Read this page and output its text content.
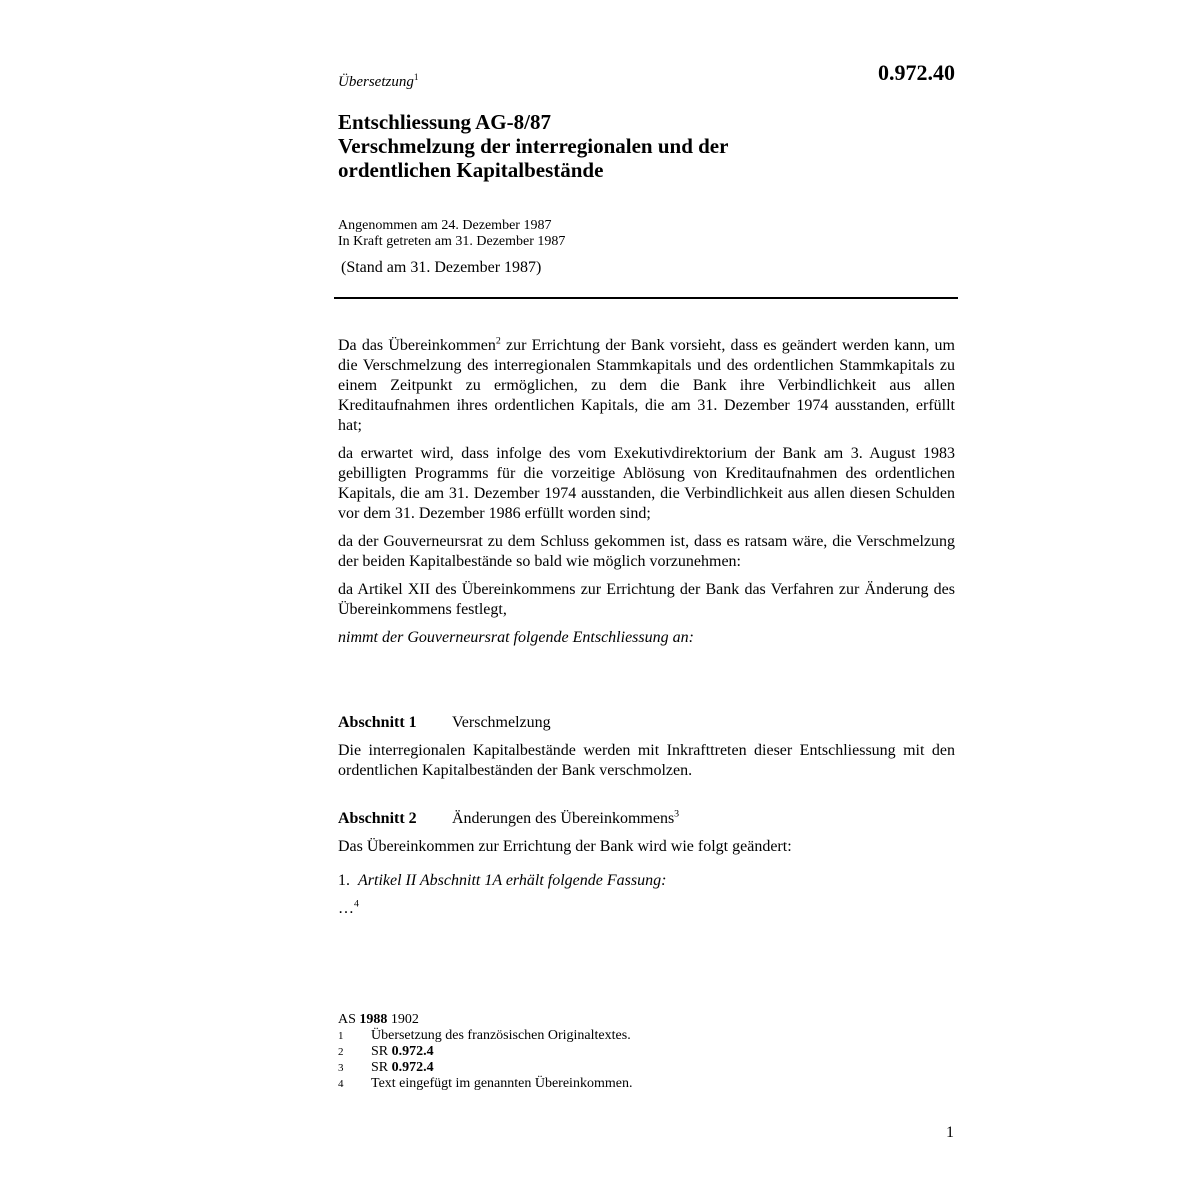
0.972.40
Übersetzung$^1$
Entschliessung AG-8/87
Verschmelzung der interregionalen und der
ordentlichen Kapitalbestände
Angenommen am 24. Dezember 1987
In Kraft getreten am 31. Dezember 1987
(Stand am 31. Dezember 1987)

Da das Übereinkommen$^2$ zur Errichtung der Bank vorsieht, dass es geändert werden kann, um die Verschmelzung des interregionalen Stammkapitals und des ordentlichen Stammkapitals zu einem Zeitpunkt zu ermöglichen, zu dem die Bank ihre Verbindlichkeit aus allen Kreditaufnahmen ihres ordentlichen Kapitals, die am 31. Dezember 1974 ausstanden, erfüllt hat;

da erwartet wird, dass infolge des vom Exekutivdirektorium der Bank am 3. August 1983 gebilligten Programms für die vorzeitige Ablösung von Kreditaufnahmen des ordentlichen Kapitals, die am 31. Dezember 1974 ausstanden, die Verbindlichkeit aus allen diesen Schulden vor dem 31. Dezember 1986 erfüllt worden sind;

da der Gouverneursrat zu dem Schluss gekommen ist, dass es ratsam wäre, die Verschmelzung der beiden Kapitalbestände so bald wie möglich vorzunehmen:

da Artikel XII des Übereinkommens zur Errichtung der Bank das Verfahren zur Änderung des Übereinkommens festlegt,

nimmt der Gouverneursrat folgende Entschliessung an:

Abschnitt 1 Verschmelzung

Die interregionalen Kapitalbestände werden mit Inkrafttreten dieser Entschliessung mit den ordentlichen Kapitalbeständen der Bank verschmolzen.

Abschnitt 2 Änderungen des Übereinkommens$^3$

Das Übereinkommen zur Errichtung der Bank wird wie folgt geändert:

1. Artikel II Abschnitt 1A erhält folgende Fassung:
…$^4$
AS 1988 1902
1	Übersetzung des französischen Originaltextes.
2	SR 0.972.4
3	SR 0.972.4
4	Text eingefügt im genannten Übereinkommen.
1
